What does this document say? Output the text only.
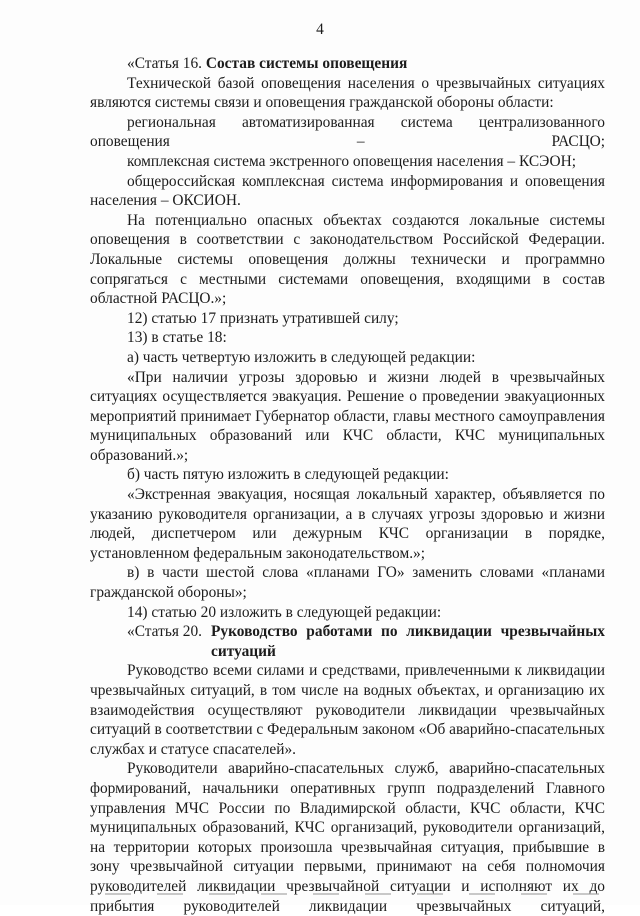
4

«Статья 16. Состав системы оповещения

Технической базой оповещения населения о чрезвычайных ситуациях являются системы связи и оповещения гражданской обороны области:

региональная автоматизированная система централизованного оповещения – РАСЦО;

комплексная система экстренного оповещения населения – КСЭОН;

общероссийская комплексная система информирования и оповещения населения – ОКСИОН.

На потенциально опасных объектах создаются локальные системы оповещения в соответствии с законодательством Российской Федерации. Локальные системы оповещения должны технически и программно сопрягаться с местными системами оповещения, входящими в состав областной РАСЦО.»;

12) статью 17 признать утратившей силу;

13) в статье 18:

а) часть четвертую изложить в следующей редакции:

«При наличии угрозы здоровью и жизни людей в чрезвычайных ситуациях осуществляется эвакуация. Решение о проведении эвакуационных мероприятий принимает Губернатор области, главы местного самоуправления муниципальных образований или КЧС области, КЧС муниципальных образований.»;

б) часть пятую изложить в следующей редакции:

«Экстренная эвакуация, носящая локальный характер, объявляется по указанию руководителя организации, а в случаях угрозы здоровью и жизни людей, диспетчером или дежурным КЧС организации в порядке, установленном федеральным законодательством.»;

в) в части шестой слова «планами ГО» заменить словами «планами гражданской обороны»;

14) статью 20 изложить в следующей редакции:

«Статья 20. Руководство работами по ликвидации чрезвычайных ситуаций

Руководство всеми силами и средствами, привлеченными к ликвидации чрезвычайных ситуаций, в том числе на водных объектах, и организацию их взаимодействия осуществляют руководители ликвидации чрезвычайных ситуаций в соответствии с Федеральным законом «Об аварийно-спасательных службах и статусе спасателей».

Руководители аварийно-спасательных служб, аварийно-спасательных формирований, начальники оперативных групп подразделений Главного управления МЧС России по Владимирской области, КЧС области, КЧС муниципальных образований, КЧС организаций, руководители организаций, на территории которых произошла чрезвычайная ситуация, прибывшие в зону чрезвычайной ситуации первыми, принимают на себя полномочия руководителей ликвидации чрезвычайной ситуации и исполняют их до прибытия руководителей ликвидации чрезвычайных ситуаций,
